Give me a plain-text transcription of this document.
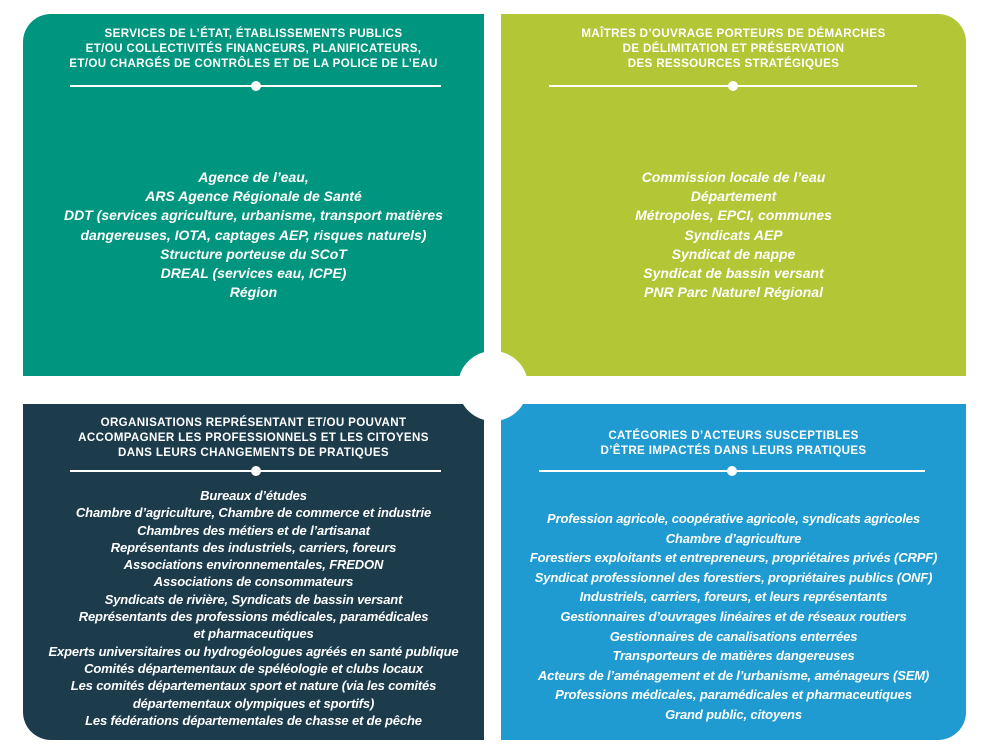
SERVICES DE L’ÉTAT, ÉTABLISSEMENTS PUBLICS
ET/OU COLLECTIVITÉS FINANCEURS, PLANIFICATEURS,
ET/OU CHARGÉS DE CONTRÔLES ET DE LA POLICE DE L’EAU
Agence de l’eau,
ARS Agence Régionale de Santé
DDT (services agriculture, urbanisme, transport matières
dangereuses, IOTA, captages AEP, risques naturels)
Structure porteuse du SCoT
DREAL (services eau, ICPE)
Région
MAÎTRES D’OUVRAGE PORTEURS DE DÉMARCHES
DE DÉLIMITATION ET PRÉSERVATION
DES RESSOURCES STRATÉGIQUES
Commission locale de l’eau
Département
Métropoles, EPCI, communes
Syndicats AEP
Syndicat de nappe
Syndicat de bassin versant
PNR Parc Naturel Régional
ORGANISATIONS REPRÉSENTANT ET/OU POUVANT
ACCOMPAGNER LES PROFESSIONNELS ET LES CITOYENS
DANS LEURS CHANGEMENTS DE PRATIQUES
Bureaux d’études
Chambre d’agriculture, Chambre de commerce et industrie
Chambres des métiers et de l’artisanat
Représentants des industriels, carriers, foreurs
Associations environnementales, FREDON
Associations de consommateurs
Syndicats de rivière, Syndicats de bassin versant
Représentants des professions médicales, paramédicales
et pharmaceutiques
Experts universitaires ou hydrogéologues agréés en santé publique
Comités départementaux de spéléologie et clubs locaux
Les comités départementaux sport et nature (via les comités
départementaux olympiques et sportifs)
Les fédérations départementales de chasse et de pêche
CATÉGORIES D’ACTEURS SUSCEPTIBLES
D’ÊTRE IMPACTÉS DANS LEURS PRATIQUES
Profession agricole, coopérative agricole, syndicats agricoles
Chambre d’agriculture
Forestiers exploitants et entrepreneurs, propriétaires privés (CRPF)
Syndicat professionnel des forestiers, propriétaires publics (ONF)
Industriels, carriers, foreurs, et leurs représentants
Gestionnaires d’ouvrages linéaires et de réseaux routiers
Gestionnaires de canalisations enterrées
Transporteurs de matières dangereuses
Acteurs de l’aménagement et de l’urbanisme, aménageurs (SEM)
Professions médicales, paramédicales et pharmaceutiques
Grand public, citoyens
